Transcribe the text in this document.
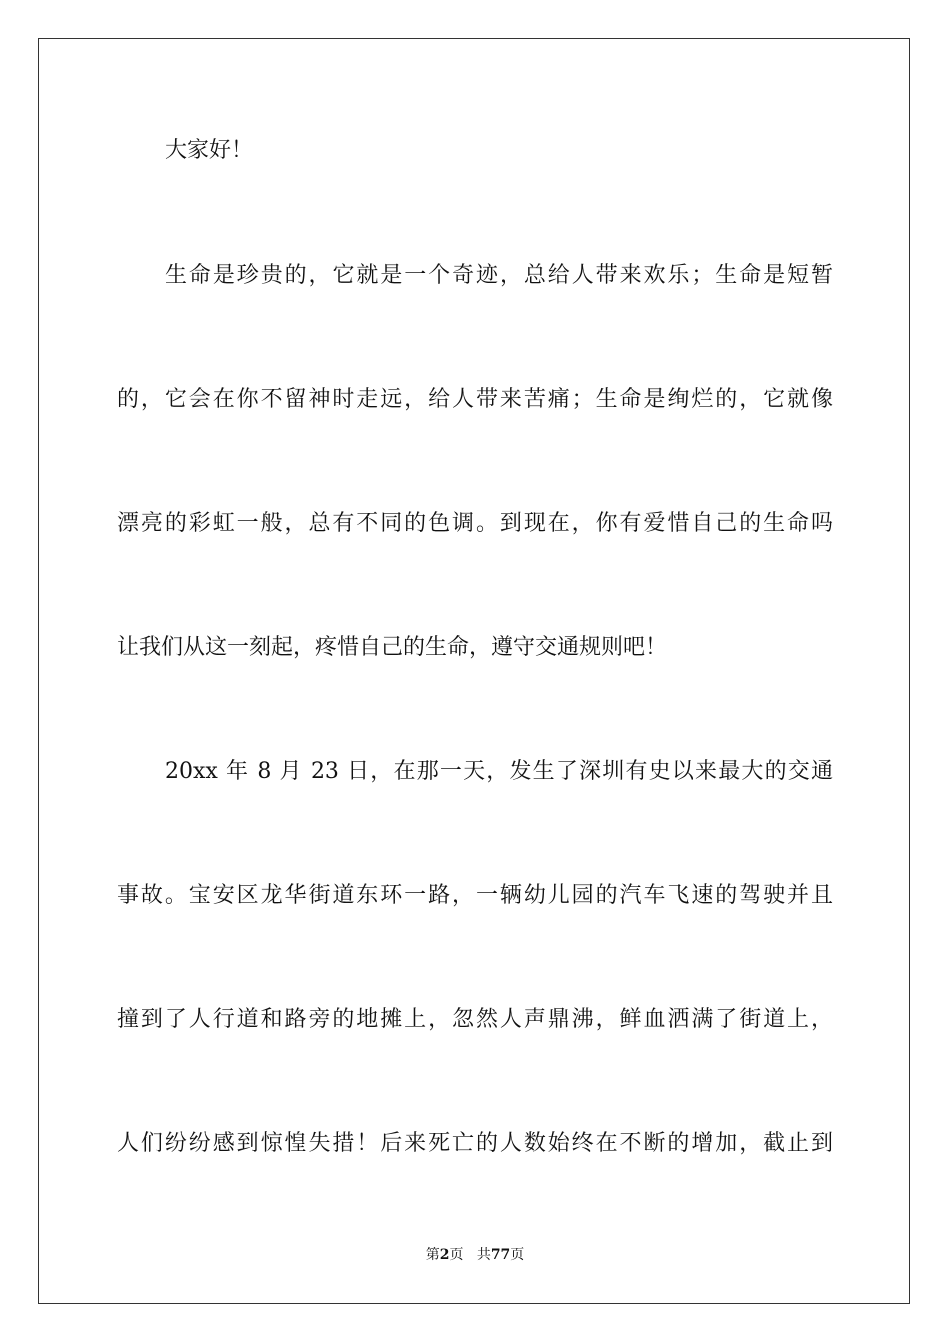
大家好！
生命是珍贵的，它就是一个奇迹，总给人带来欢乐；生命是短暂
的，它会在你不留神时走远，给人带来苦痛；生命是绚烂的，它就像
漂亮的彩虹一般，总有不同的色调。到现在，你有爱惜自己的生命吗
让我们从这一刻起，疼惜自己的生命，遵守交通规则吧！
20xx 年 8 月 23 日，在那一天，发生了深圳有史以来最大的交通
事故。宝安区龙华街道东环一路，一辆幼儿园的汽车飞速的驾驶并且
撞到了人行道和路旁的地摊上，忽然人声鼎沸，鲜血洒满了街道上，
人们纷纷感到惊惶失措！后来死亡的人数始终在不断的增加，截止到
第2页 共77页
